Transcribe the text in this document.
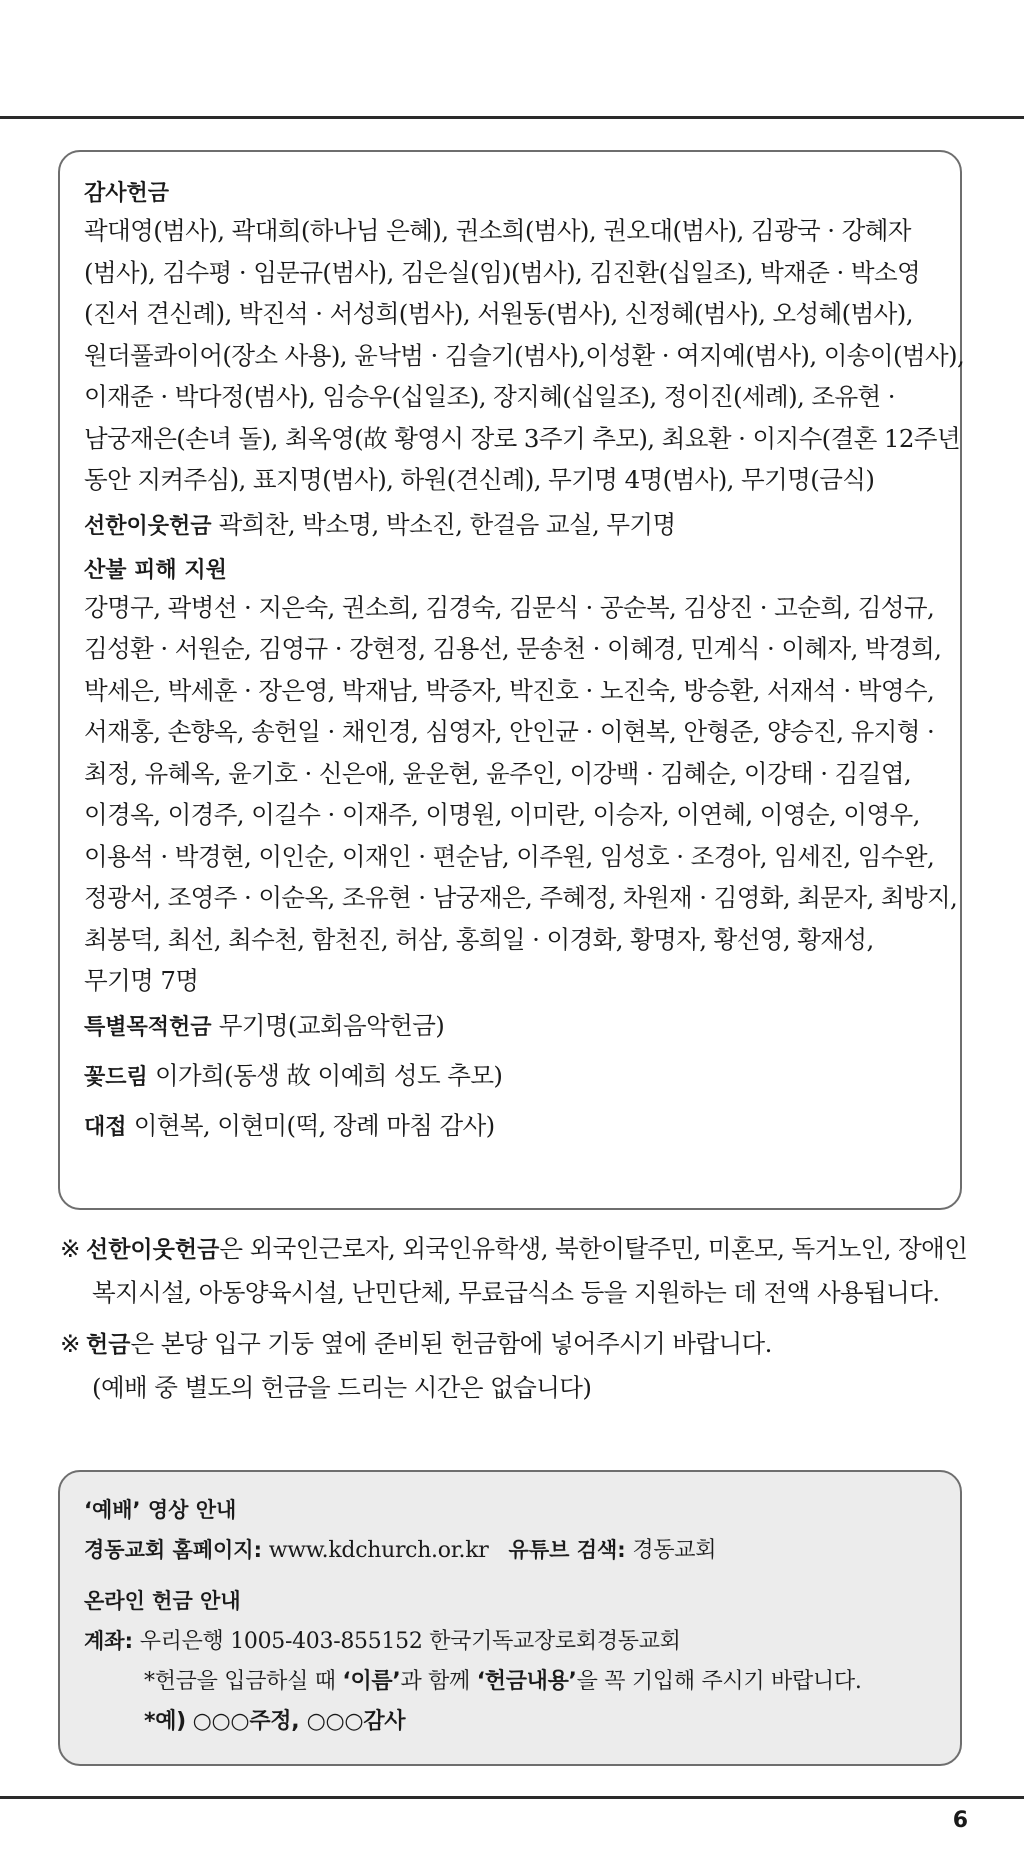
감사헌금
곽대영(범사), 곽대희(하나님 은혜), 권소희(범사), 권오대(범사), 김광국 · 강혜자
(범사), 김수평 · 임문규(범사), 김은실(임)(범사), 김진환(십일조), 박재준 · 박소영
(진서 견신례), 박진석 · 서성희(범사), 서원동(범사), 신정혜(범사), 오성혜(범사),
원더풀콰이어(장소 사용), 윤낙범 · 김슬기(범사),이성환 · 여지예(범사), 이송이(범사),
이재준 · 박다정(범사), 임승우(십일조), 장지혜(십일조), 정이진(세례), 조유현 ·
남궁재은(손녀 돌), 최옥영(故 황영시 장로 3주기 추모), 최요환 · 이지수(결혼 12주년
동안 지켜주심), 표지명(범사), 하원(견신례), 무기명 4명(범사), 무기명(금식)
선한이웃헌금 곽희찬, 박소명, 박소진, 한걸음 교실, 무기명
산불 피해 지원
강명구, 곽병선 · 지은숙, 권소희, 김경숙, 김문식 · 공순복, 김상진 · 고순희, 김성규,
김성환 · 서원순, 김영규 · 강현정, 김용선, 문송천 · 이혜경, 민계식 · 이혜자, 박경희,
박세은, 박세훈 · 장은영, 박재남, 박증자, 박진호 · 노진숙, 방승환, 서재석 · 박영수,
서재홍, 손향옥, 송헌일 · 채인경, 심영자, 안인균 · 이현복, 안형준, 양승진, 유지형 ·
최정, 유혜옥, 윤기호 · 신은애, 윤운현, 윤주인, 이강백 · 김혜순, 이강태 · 김길엽,
이경옥, 이경주, 이길수 · 이재주, 이명원, 이미란, 이승자, 이연혜, 이영순, 이영우,
이용석 · 박경현, 이인순, 이재인 · 편순남, 이주원, 임성호 · 조경아, 임세진, 임수완,
정광서, 조영주 · 이순옥, 조유현 · 남궁재은, 주혜정, 차원재 · 김영화, 최문자, 최방지,
최봉덕, 최선, 최수천, 함천진, 허삼, 홍희일 · 이경화, 황명자, 황선영, 황재성,
무기명 7명
특별목적헌금 무기명(교회음악헌금)
꽃드림 이가희(동생 故 이예희 성도 추모)
대접 이현복, 이현미(떡, 장례 마침 감사)
※ 선한이웃헌금은 외국인근로자, 외국인유학생, 북한이탈주민, 미혼모, 독거노인, 장애인
복지시설, 아동양육시설, 난민단체, 무료급식소 등을 지원하는 데 전액 사용됩니다.
※ 헌금은 본당 입구 기둥 옆에 준비된 헌금함에 넣어주시기 바랍니다.
(예배 중 별도의 헌금을 드리는 시간은 없습니다)
‘예배’ 영상 안내
경동교회 홈페이지: www.kdchurch.or.kr 유튜브 검색: 경동교회
온라인 헌금 안내
계좌: 우리은행 1005-403-855152 한국기독교장로회경동교회
*헌금을 입금하실 때 ‘이름’과 함께 ‘헌금내용’을 꼭 기입해 주시기 바랍니다.
*예) ○○○주정, ○○○감사
6
